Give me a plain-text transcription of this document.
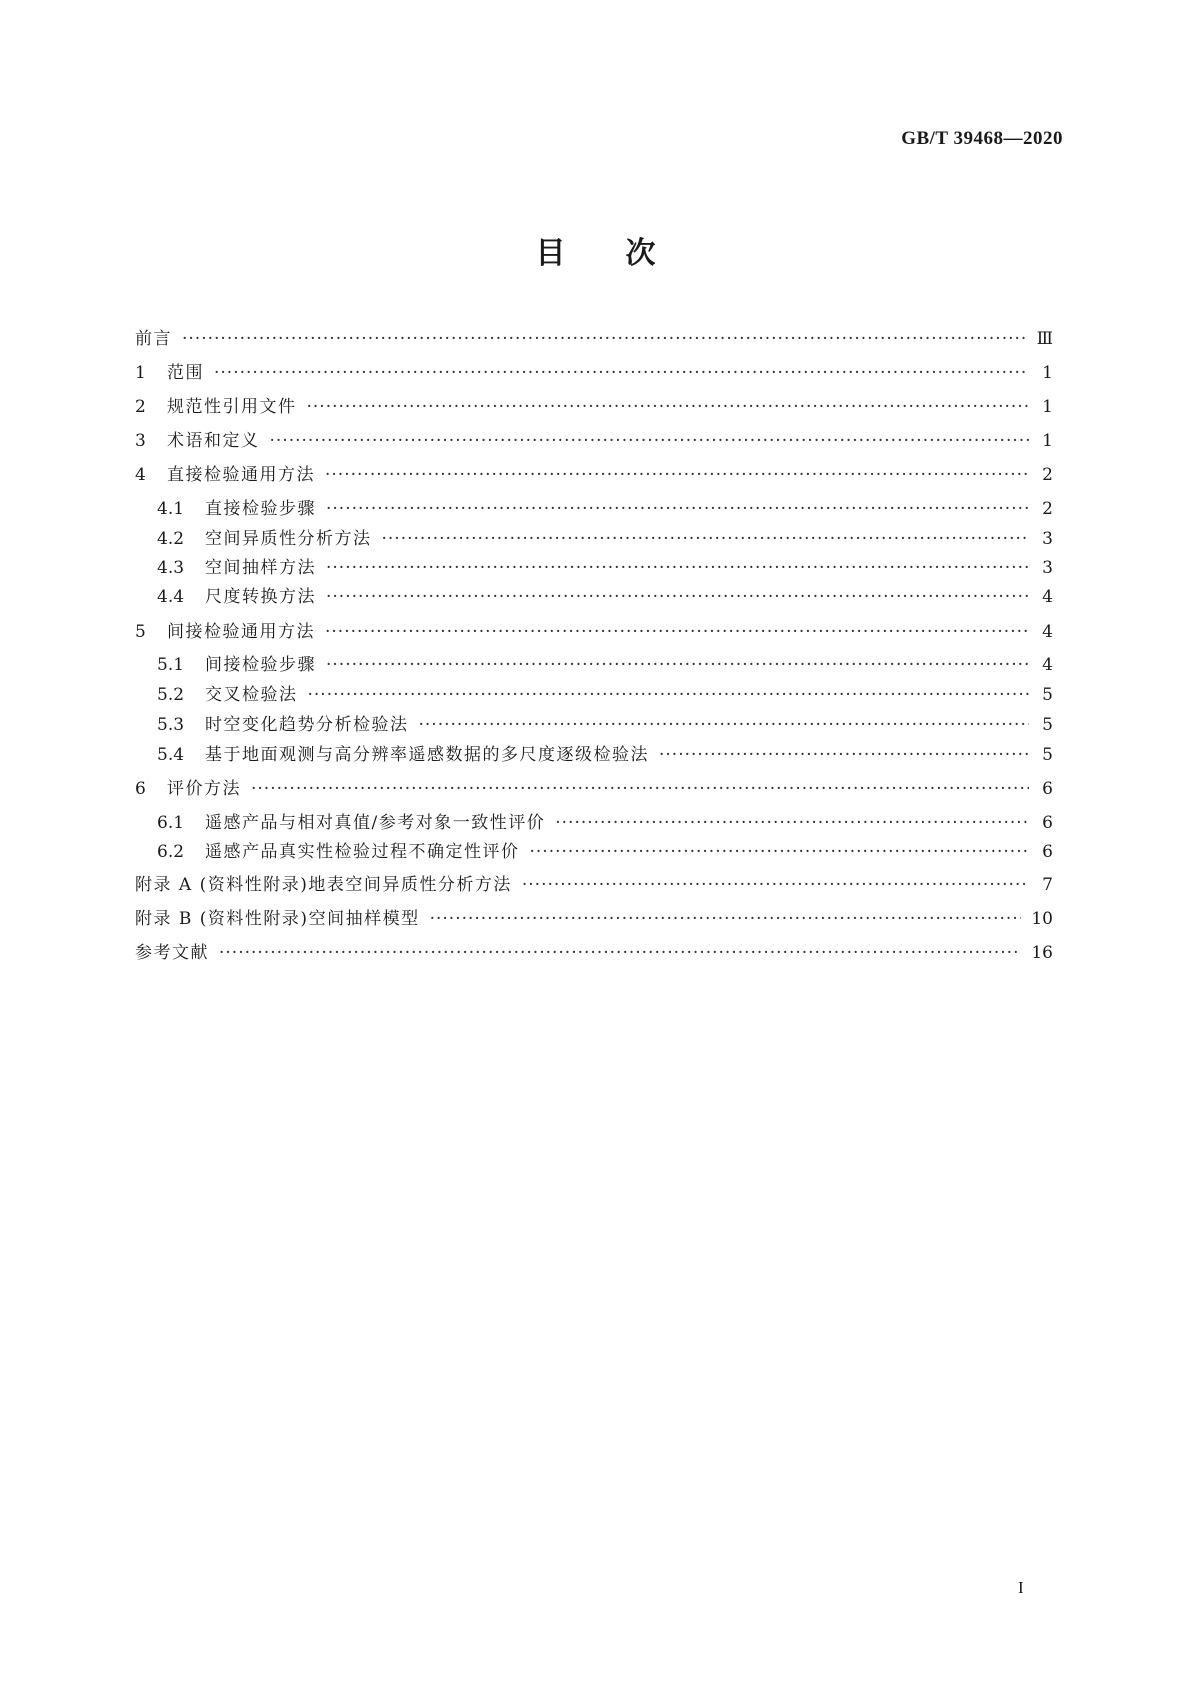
GB/T 39468—2020
目 次
前言 ·····	Ⅲ
1	范围 ·····	1
2	规范性引用文件 ·····	1
3	术语和定义 ·····	1
4	直接检验通用方法 ·····	2
4.1	直接检验步骤 ·····	2
4.2	空间异质性分析方法 ·····	3
4.3	空间抽样方法 ·····	3
4.4	尺度转换方法 ·····	4
5	间接检验通用方法 ·····	4
5.1	间接检验步骤 ·····	4
5.2	交叉检验法 ·····	5
5.3	时空变化趋势分析检验法 ·····	5
5.4	基于地面观测与高分辨率遥感数据的多尺度逐级检验法 ·····	5
6	评价方法 ·····	6
6.1	遥感产品与相对真值/参考对象一致性评价 ·····	6
6.2	遥感产品真实性检验过程不确定性评价 ·····	6
附录 A (资料性附录)地表空间异质性分析方法 ·····	7
附录 B (资料性附录)空间抽样模型 ·····	10
参考文献 ·····	16
I
